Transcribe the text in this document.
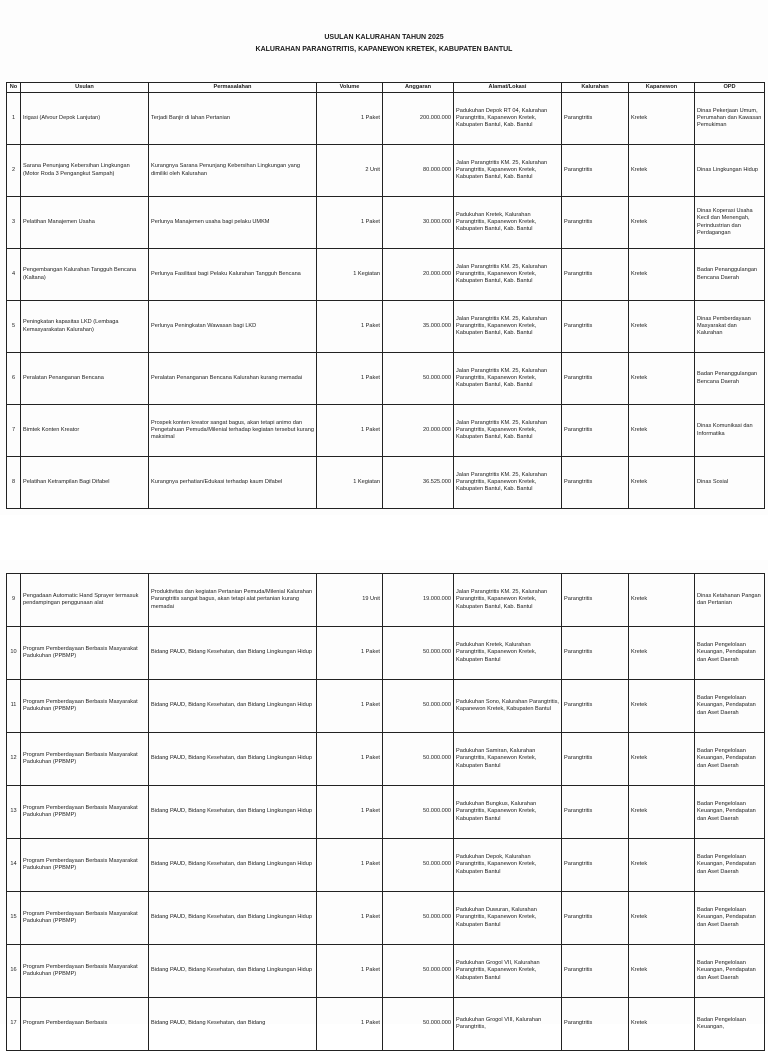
USULAN KALURAHAN TAHUN 2025
KALURAHAN PARANGTRITIS, KAPANEWON KRETEK, KABUPATEN BANTUL
No	Usulan	Permasalahan	Volume	Anggaran	Alamat/Lokasi	Kalurahan	Kapanewon	OPD
1	Irigasi (Afvour Depok Lanjutan)	Terjadi Banjir di lahan Pertanian	1 Paket	200.000.000	Padukuhan Depok RT 04, Kalurahan Parangtritis, Kapanewon Kretek, Kabupaten Bantul, Kab. Bantul	Parangtritis	Kretek	Dinas Pekerjaan Umum, Perumahan dan Kawasan Pemukiman
2	Sarana Penunjang Kebersihan Lingkungan (Motor Roda 3 Pengangkut Sampah)	Kurangnya Sarana Penunjang Kebersihan Lingkungan yang dimiliki oleh Kalurahan	2 Unit	80.000.000	Jalan Parangtritis KM. 25, Kalurahan Parangtritis, Kapanewon Kretek, Kabupaten Bantul, Kab. Bantul	Parangtritis	Kretek	Dinas Lingkungan Hidup
3	Pelatihan Manajemen Usaha	Perlunya Manajemen usaha bagi pelaku UMKM	1 Paket	30.000.000	Padukuhan Kretek, Kalurahan Parangtritis, Kapanewon Kretek, Kabupaten Bantul, Kab. Bantul	Parangtritis	Kretek	Dinas Koperasi Usaha Kecil dan Menengah, Perindustrian dan Perdagangan
4	Pengembangan Kalurahan Tangguh Bencana (Kaltana)	Perlunya Fasilitasi bagi Pelaku Kalurahan Tangguh Bencana	1 Kegiatan	20.000.000	Jalan Parangtritis KM. 25, Kalurahan Parangtritis, Kapanewon Kretek, Kabupaten Bantul, Kab. Bantul	Parangtritis	Kretek	Badan Penanggulangan Bencana Daerah
5	Peningkatan kapasitas LKD (Lembaga Kemasyarakatan Kalurahan)	Perlunya Peningkatan Wawasan bagi LKD	1 Paket	35.000.000	Jalan Parangtritis KM. 25, Kalurahan Parangtritis, Kapanewon Kretek, Kabupaten Bantul, Kab. Bantul	Parangtritis	Kretek	Dinas Pemberdayaan Masyarakat dan Kalurahan
6	Peralatan Penanganan Bencana	Peralatan Penanganan Bencana Kalurahan kurang memadai	1 Paket	50.000.000	Jalan Parangtritis KM. 25, Kalurahan Parangtritis, Kapanewon Kretek, Kabupaten Bantul, Kab. Bantul	Parangtritis	Kretek	Badan Penanggulangan Bencana Daerah
7	Bimtek Konten Kreator	Prospek konten kreator sangat bagus, akan tetapi animo dan Pengetahuan Pemuda/Milenial terhadap kegiatan tersebut kurang maksimal	1 Paket	20.000.000	Jalan Parangtritis KM. 25, Kalurahan Parangtritis, Kapanewon Kretek, Kabupaten Bantul, Kab. Bantul	Parangtritis	Kretek	Dinas Komunikasi dan Informatika
8	Pelatihan Ketrampilan Bagi Difabel	Kurangnya perhatian/Edukasi terhadap kaum Difabel	1 Kegiatan	36.525.000	Jalan Parangtritis KM. 25, Kalurahan Parangtritis, Kapanewon Kretek, Kabupaten Bantul, Kab. Bantul	Parangtritis	Kretek	Dinas Sosial
9	Pengadaan Automatic Hand Sprayer termasuk pendampingan penggunaan alat	Produktivitas dan kegiatan Pertanian Pemuda/Milenial Kalurahan Parangtritis sangat bagus, akan tetapi alat pertanian kurang memadai	19 Unit	19.000.000	Jalan Parangtritis KM. 25, Kalurahan Parangtritis, Kapanewon Kretek, Kabupaten Bantul, Kab. Bantul	Parangtritis	Kretek	Dinas Ketahanan Pangan dan Pertanian
10	Program Pemberdayaan Berbasis Masyarakat Padukuhan (PPBMP)	Bidang PAUD, Bidang Kesehatan, dan Bidang Lingkungan Hidup	1 Paket	50.000.000	Padukuhan Kretek, Kalurahan Parangtritis, Kapanewon Kretek, Kabupaten Bantul	Parangtritis	Kretek	Badan Pengelolaan Keuangan, Pendapatan dan Aset Daerah
11	Program Pemberdayaan Berbasis Masyarakat Padukuhan (PPBMP)	Bidang PAUD, Bidang Kesehatan, dan Bidang Lingkungan Hidup	1 Paket	50.000.000	Padukuhan Sono, Kalurahan Parangtritis, Kapanewon Kretek, Kabupaten Bantul	Parangtritis	Kretek	Badan Pengelolaan Keuangan, Pendapatan dan Aset Daerah
12	Program Pemberdayaan Berbasis Masyarakat Padukuhan (PPBMP)	Bidang PAUD, Bidang Kesehatan, dan Bidang Lingkungan Hidup	1 Paket	50.000.000	Padukuhan Samiran, Kalurahan Parangtritis, Kapanewon Kretek, Kabupaten Bantul	Parangtritis	Kretek	Badan Pengelolaan Keuangan, Pendapatan dan Aset Daerah
13	Program Pemberdayaan Berbasis Masyarakat Padukuhan (PPBMP)	Bidang PAUD, Bidang Kesehatan, dan Bidang Lingkungan Hidup	1 Paket	50.000.000	Padukuhan Bungkus, Kalurahan Parangtritis, Kapanewon Kretek, Kabupaten Bantul	Parangtritis	Kretek	Badan Pengelolaan Keuangan, Pendapatan dan Aset Daerah
14	Program Pemberdayaan Berbasis Masyarakat Padukuhan (PPBMP)	Bidang PAUD, Bidang Kesehatan, dan Bidang Lingkungan Hidup	1 Paket	50.000.000	Padukuhan Depok, Kalurahan Parangtritis, Kapanewon Kretek, Kabupaten Bantul	Parangtritis	Kretek	Badan Pengelolaan Keuangan, Pendapatan dan Aset Daerah
15	Program Pemberdayaan Berbasis Masyarakat Padukuhan (PPBMP)	Bidang PAUD, Bidang Kesehatan, dan Bidang Lingkungan Hidup	1 Paket	50.000.000	Padukuhan Duwuran, Kalurahan Parangtritis, Kapanewon Kretek, Kabupaten Bantul	Parangtritis	Kretek	Badan Pengelolaan Keuangan, Pendapatan dan Aset Daerah
16	Program Pemberdayaan Berbasis Masyarakat Padukuhan (PPBMP)	Bidang PAUD, Bidang Kesehatan, dan Bidang Lingkungan Hidup	1 Paket	50.000.000	Padukuhan Grogol VII, Kalurahan Parangtritis, Kapanewon Kretek, Kabupaten Bantul	Parangtritis	Kretek	Badan Pengelolaan Keuangan, Pendapatan dan Aset Daerah
17	Program Pemberdayaan Berbasis	Bidang PAUD, Bidang Kesehatan, dan Bidang	1 Paket	50.000.000	Padukuhan Grogol VIII, Kalurahan Parangtritis,	Parangtritis	Kretek	Badan Pengelolaan Keuangan,
